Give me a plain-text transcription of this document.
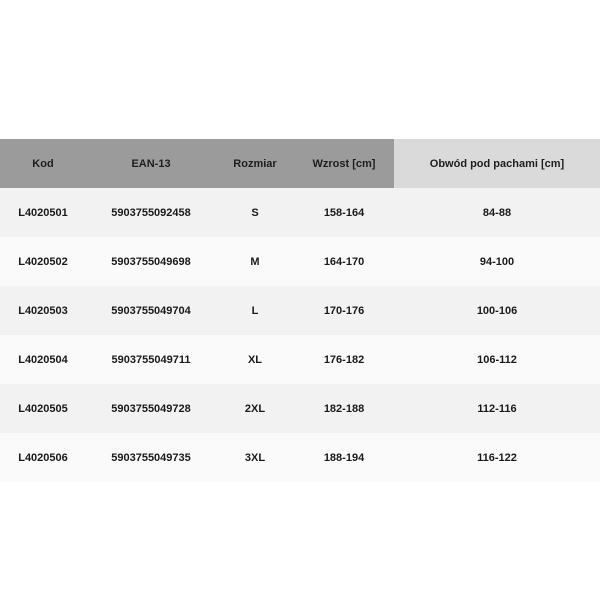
Kod	EAN-13	Rozmiar	Wzrost [cm]	Obwód pod pachami [cm]
L4020501	5903755092458	S	158-164	84-88
L4020502	5903755049698	M	164-170	94-100
L4020503	5903755049704	L	170-176	100-106
L4020504	5903755049711	XL	176-182	106-112
L4020505	5903755049728	2XL	182-188	112-116
L4020506	5903755049735	3XL	188-194	116-122
